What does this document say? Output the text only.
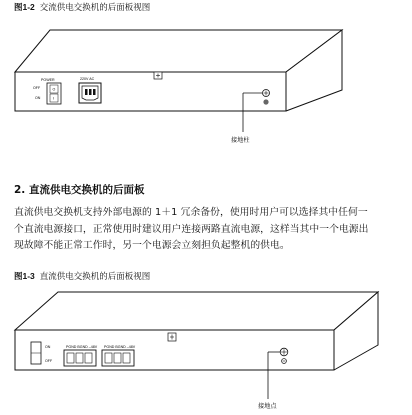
图1-2 交流供电交换机的后面板视图
POWER
O
I
OFF
ON
220V AC
接地柱
2. 直流供电交换机的后面板

直流供电交换机支持外部电源的 1＋1 冗余备份，使用时用户可以选择其中任何一

个直流电源接口，正常使用时建议用户连接两路直流电源，这样当其中一个电源出

现故障不能正常工作时，另一个电源会立刻担负起整机的供电。

图1-3 直流供电交换机的后面板视图
ON
OFF
PGND BGND –48V PGND BGND –48V
接地点
